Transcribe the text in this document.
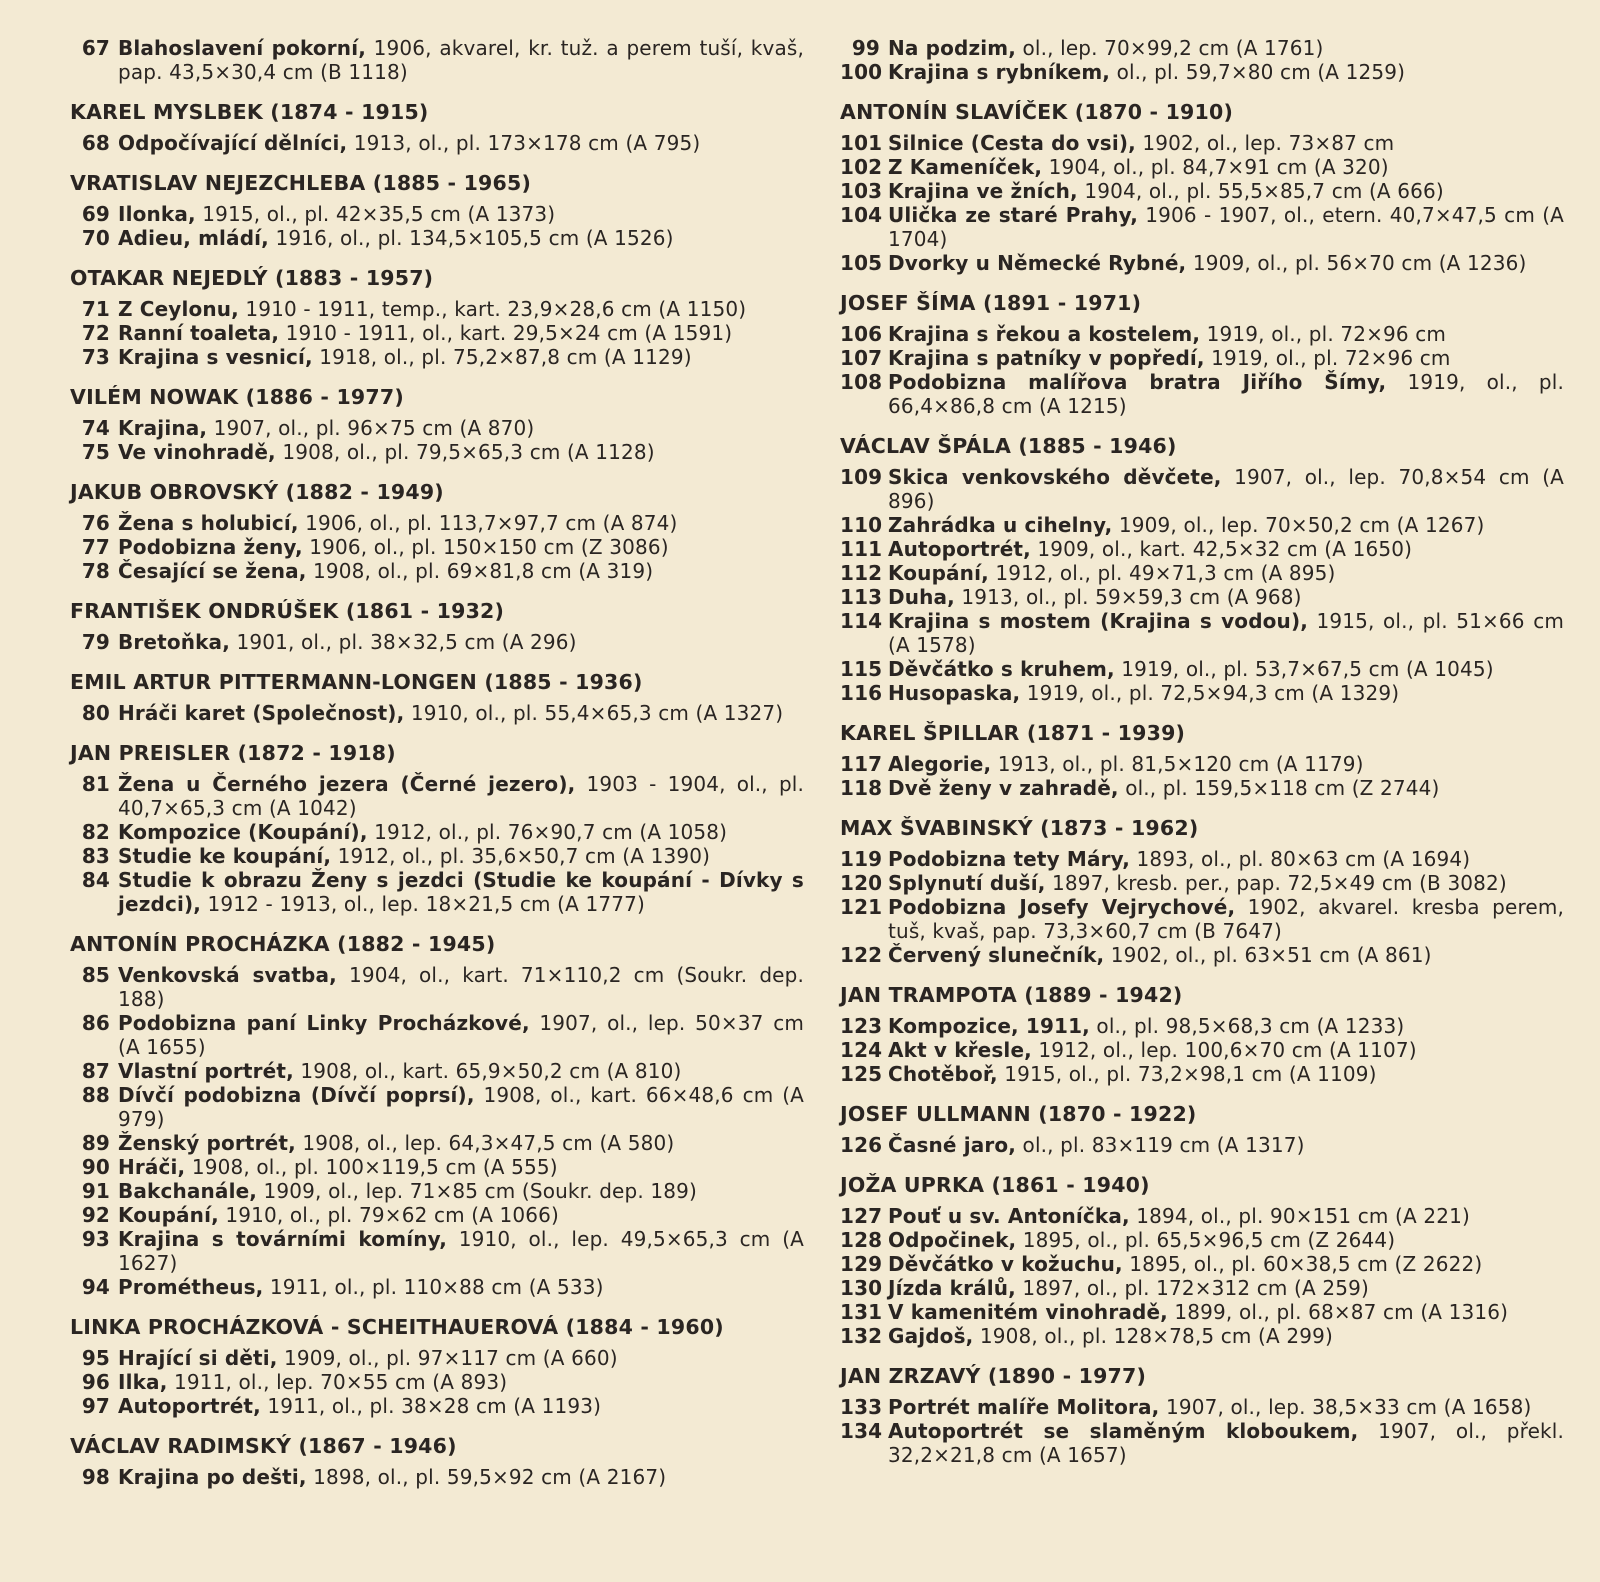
67 Blahoslavení pokorní, 1906, akvarel, kr. tuž. a perem tuší, kvaš, pap. 43,5×30,4 cm (B 1118)
KAREL MYSLBEK (1874 - 1915)
68 Odpočívající dělníci, 1913, ol., pl. 173×178 cm (A 795)
VRATISLAV NEJEZCHLEBA (1885 - 1965)
69 Ilonka, 1915, ol., pl. 42×35,5 cm (A 1373)
70 Adieu, mládí, 1916, ol., pl. 134,5×105,5 cm (A 1526)
OTAKAR NEJEDLÝ (1883 - 1957)
71 Z Ceylonu, 1910 - 1911, temp., kart. 23,9×28,6 cm (A 1150)
72 Ranní toaleta, 1910 - 1911, ol., kart. 29,5×24 cm (A 1591)
73 Krajina s vesnicí, 1918, ol., pl. 75,2×87,8 cm (A 1129)
VILÉM NOWAK (1886 - 1977)
74 Krajina, 1907, ol., pl. 96×75 cm (A 870)
75 Ve vinohradě, 1908, ol., pl. 79,5×65,3 cm (A 1128)
JAKUB OBROVSKÝ (1882 - 1949)
76 Žena s holubicí, 1906, ol., pl. 113,7×97,7 cm (A 874)
77 Podobizna ženy, 1906, ol., pl. 150×150 cm (Z 3086)
78 Česající se žena, 1908, ol., pl. 69×81,8 cm (A 319)
FRANTIŠEK ONDRÚŠEK (1861 - 1932)
79 Bretoňka, 1901, ol., pl. 38×32,5 cm (A 296)
EMIL ARTUR PITTERMANN-LONGEN (1885 - 1936)
80 Hráči karet (Společnost), 1910, ol., pl. 55,4×65,3 cm (A 1327)
JAN PREISLER (1872 - 1918)
81 Žena u Černého jezera (Černé jezero), 1903 - 1904, ol., pl. 40,7×65,3 cm (A 1042)
82 Kompozice (Koupání), 1912, ol., pl. 76×90,7 cm (A 1058)
83 Studie ke koupání, 1912, ol., pl. 35,6×50,7 cm (A 1390)
84 Studie k obrazu Ženy s jezdci (Studie ke koupání - Dívky s jezdci), 1912 - 1913, ol., lep. 18×21,5 cm (A 1777)
ANTONÍN PROCHÁZKA (1882 - 1945)
85 Venkovská svatba, 1904, ol., kart. 71×110,2 cm (Soukr. dep. 188)
86 Podobizna paní Linky Procházkové, 1907, ol., lep. 50×37 cm (A 1655)
87 Vlastní portrét, 1908, ol., kart. 65,9×50,2 cm (A 810)
88 Dívčí podobizna (Dívčí poprsí), 1908, ol., kart. 66×48,6 cm (A 979)
89 Ženský portrét, 1908, ol., lep. 64,3×47,5 cm (A 580)
90 Hráči, 1908, ol., pl. 100×119,5 cm (A 555)
91 Bakchanále, 1909, ol., lep. 71×85 cm (Soukr. dep. 189)
92 Koupání, 1910, ol., pl. 79×62 cm (A 1066)
93 Krajina s továrními komíny, 1910, ol., lep. 49,5×65,3 cm (A 1627)
94 Prométheus, 1911, ol., pl. 110×88 cm (A 533)
LINKA PROCHÁZKOVÁ - SCHEITHAUEROVÁ (1884 - 1960)
95 Hrající si děti, 1909, ol., pl. 97×117 cm (A 660)
96 Ilka, 1911, ol., lep. 70×55 cm (A 893)
97 Autoportrét, 1911, ol., pl. 38×28 cm (A 1193)
VÁCLAV RADIMSKÝ (1867 - 1946)
98 Krajina po dešti, 1898, ol., pl. 59,5×92 cm (A 2167)
99 Na podzim, ol., lep. 70×99,2 cm (A 1761)
100 Krajina s rybníkem, ol., pl. 59,7×80 cm (A 1259)
ANTONÍN SLAVÍČEK (1870 - 1910)
101 Silnice (Cesta do vsi), 1902, ol., lep. 73×87 cm
102 Z Kameníček, 1904, ol., pl. 84,7×91 cm (A 320)
103 Krajina ve žních, 1904, ol., pl. 55,5×85,7 cm (A 666)
104 Ulička ze staré Prahy, 1906 - 1907, ol., etern. 40,7×47,5 cm (A 1704)
105 Dvorky u Německé Rybné, 1909, ol., pl. 56×70 cm (A 1236)
JOSEF ŠÍMA (1891 - 1971)
106 Krajina s řekou a kostelem, 1919, ol., pl. 72×96 cm
107 Krajina s patníky v popředí, 1919, ol., pl. 72×96 cm
108 Podobizna malířova bratra Jiřího Šímy, 1919, ol., pl. 66,4×86,8 cm (A 1215)
VÁCLAV ŠPÁLA (1885 - 1946)
109 Skica venkovského děvčete, 1907, ol., lep. 70,8×54 cm (A 896)
110 Zahrádka u cihelny, 1909, ol., lep. 70×50,2 cm (A 1267)
111 Autoportrét, 1909, ol., kart. 42,5×32 cm (A 1650)
112 Koupání, 1912, ol., pl. 49×71,3 cm (A 895)
113 Duha, 1913, ol., pl. 59×59,3 cm (A 968)
114 Krajina s mostem (Krajina s vodou), 1915, ol., pl. 51×66 cm (A 1578)
115 Děvčátko s kruhem, 1919, ol., pl. 53,7×67,5 cm (A 1045)
116 Husopaska, 1919, ol., pl. 72,5×94,3 cm (A 1329)
KAREL ŠPILLAR (1871 - 1939)
117 Alegorie, 1913, ol., pl. 81,5×120 cm (A 1179)
118 Dvě ženy v zahradě, ol., pl. 159,5×118 cm (Z 2744)
MAX ŠVABINSKÝ (1873 - 1962)
119 Podobizna tety Máry, 1893, ol., pl. 80×63 cm (A 1694)
120 Splynutí duší, 1897, kresb. per., pap. 72,5×49 cm (B 3082)
121 Podobizna Josefy Vejrychové, 1902, akvarel. kresba perem, tuš, kvaš, pap. 73,3×60,7 cm (B 7647)
122 Červený slunečník, 1902, ol., pl. 63×51 cm (A 861)
JAN TRAMPOTA (1889 - 1942)
123 Kompozice, 1911, ol., pl. 98,5×68,3 cm (A 1233)
124 Akt v křesle, 1912, ol., lep. 100,6×70 cm (A 1107)
125 Chotěboř, 1915, ol., pl. 73,2×98,1 cm (A 1109)
JOSEF ULLMANN (1870 - 1922)
126 Časné jaro, ol., pl. 83×119 cm (A 1317)
JOŽA UPRKA (1861 - 1940)
127 Pouť u sv. Antoníčka, 1894, ol., pl. 90×151 cm (A 221)
128 Odpočinek, 1895, ol., pl. 65,5×96,5 cm (Z 2644)
129 Děvčátko v kožuchu, 1895, ol., pl. 60×38,5 cm (Z 2622)
130 Jízda králů, 1897, ol., pl. 172×312 cm (A 259)
131 V kamenitém vinohradě, 1899, ol., pl. 68×87 cm (A 1316)
132 Gajdoš, 1908, ol., pl. 128×78,5 cm (A 299)
JAN ZRZAVÝ (1890 - 1977)
133 Portrét malíře Molitora, 1907, ol., lep. 38,5×33 cm (A 1658)
134 Autoportrét se slaměným kloboukem, 1907, ol., překl. 32,2×21,8 cm (A 1657)
